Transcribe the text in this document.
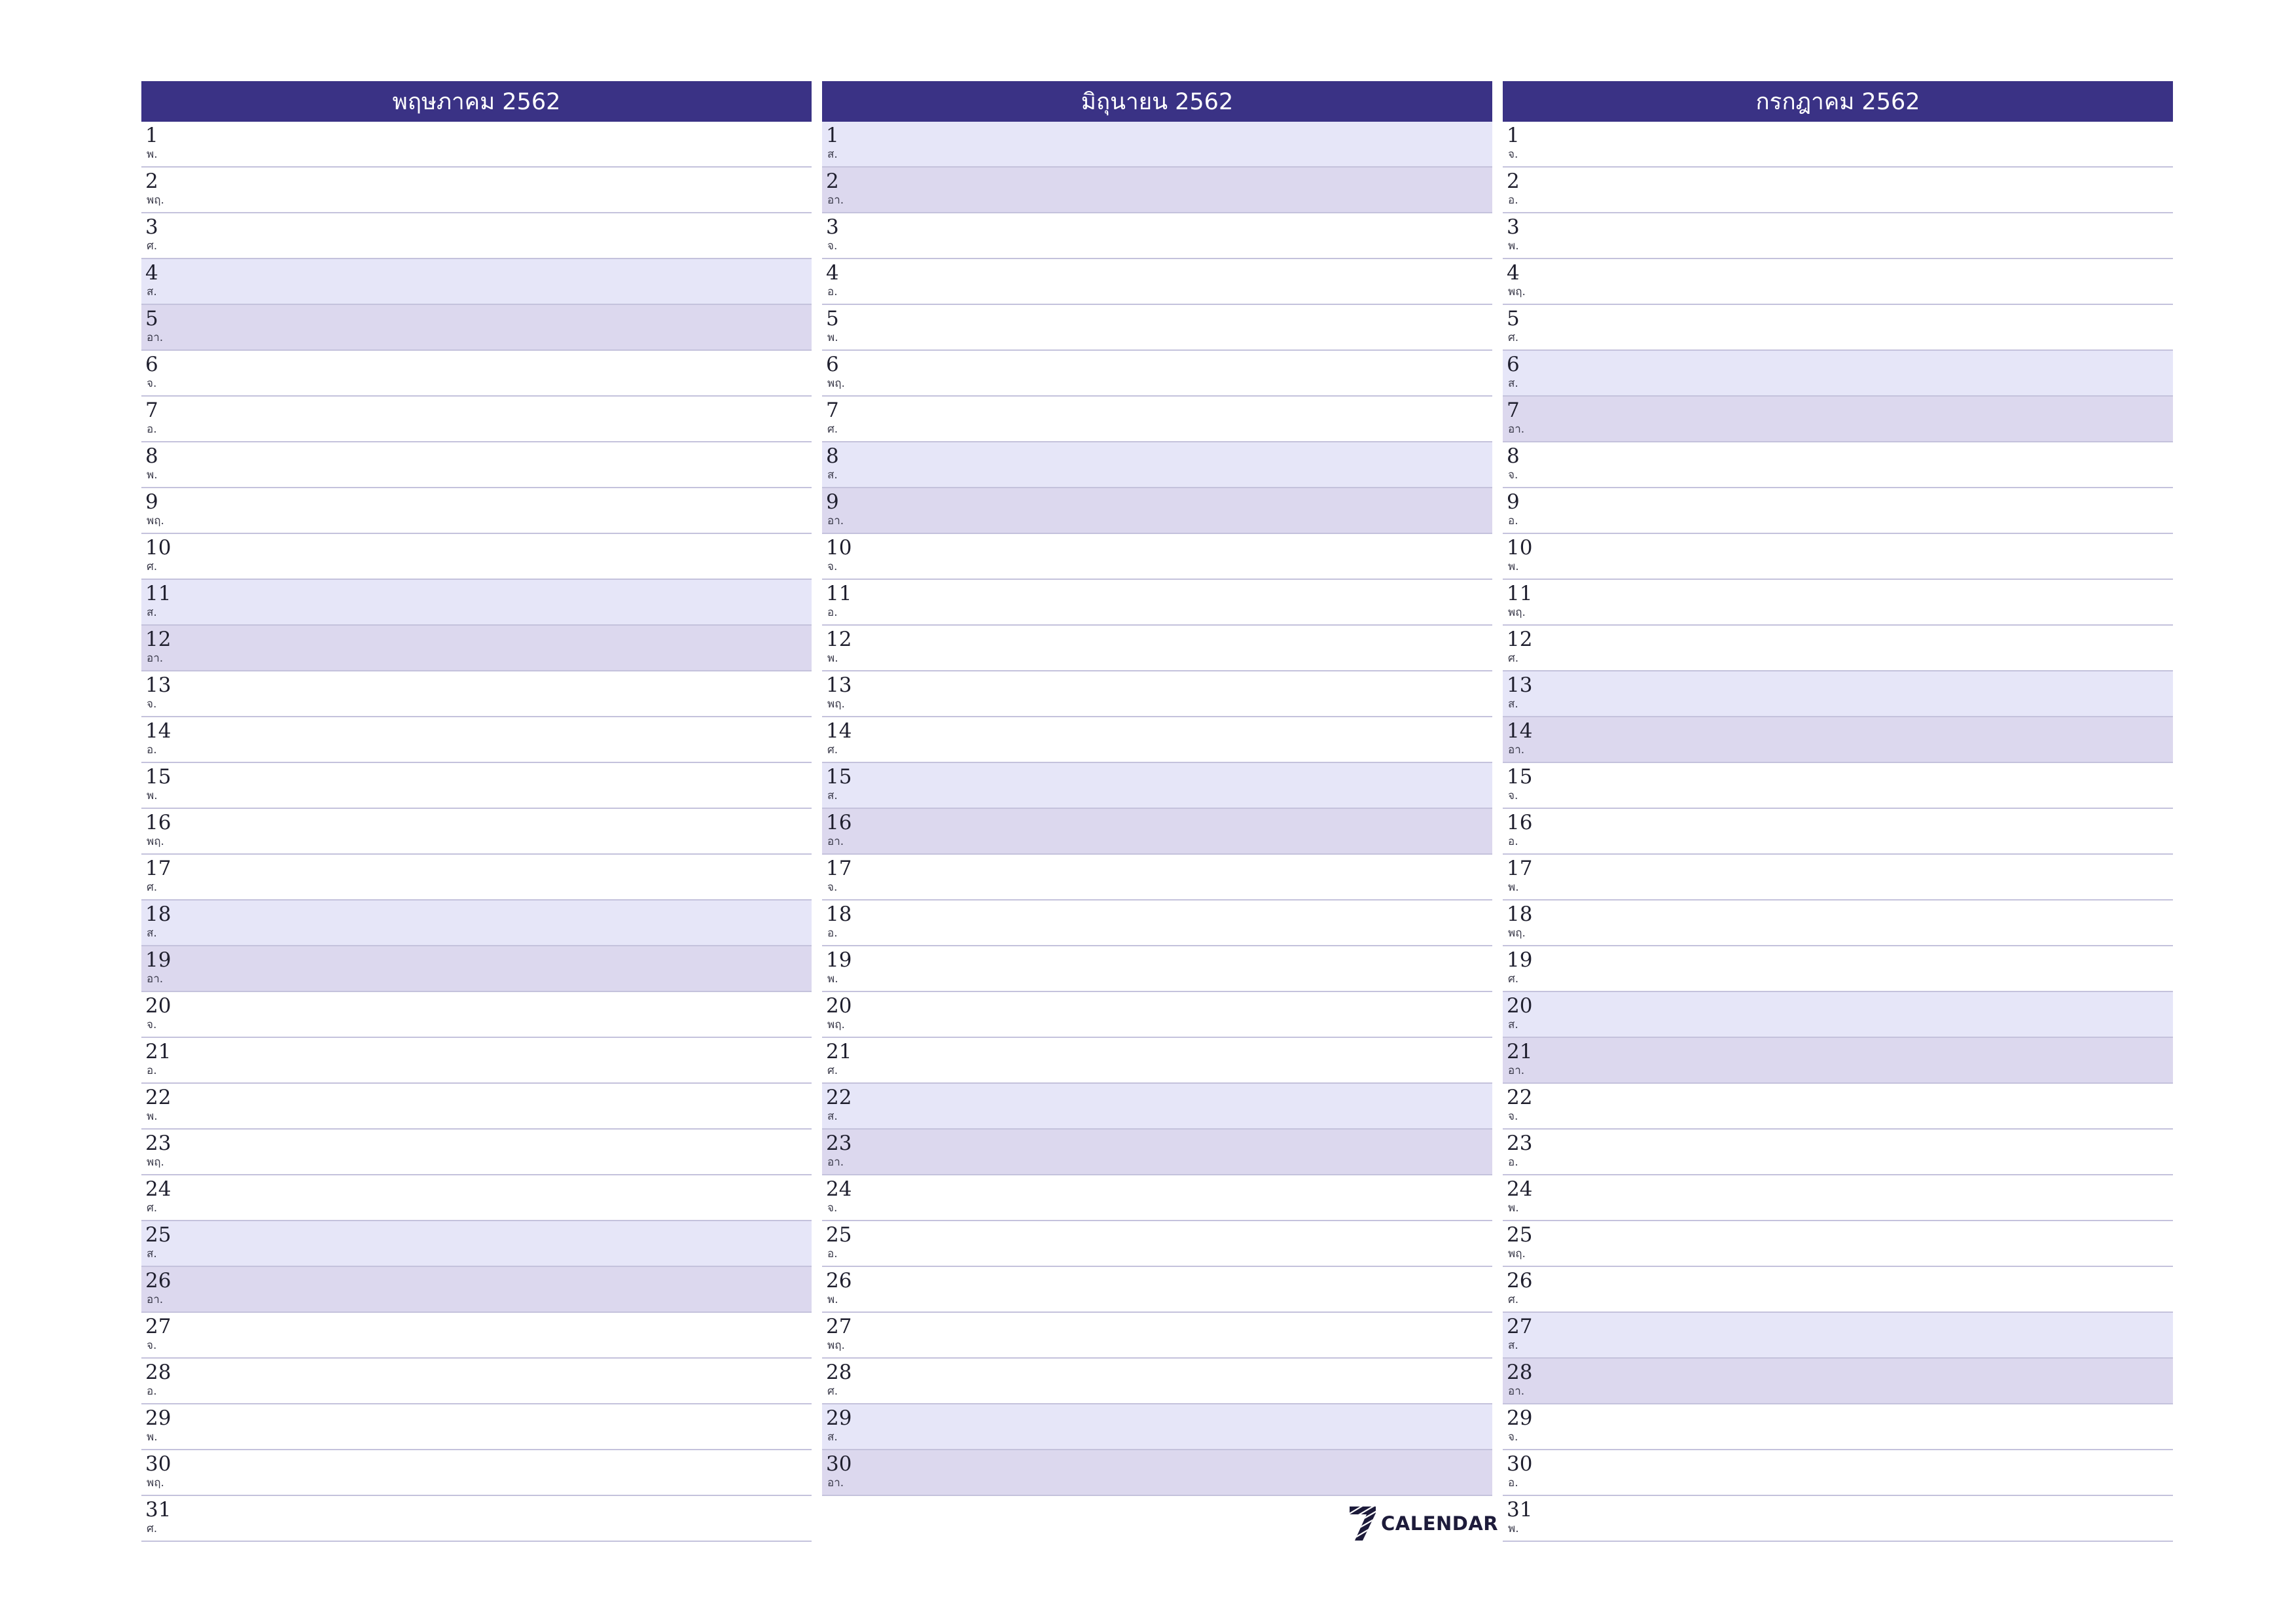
พฤษภาคม 2562
1
พ.
2
พฤ.
3
ศ.
4
ส.
5
อา.
6
จ.
7
อ.
8
พ.
9
พฤ.
10
ศ.
11
ส.
12
อา.
13
จ.
14
อ.
15
พ.
16
พฤ.
17
ศ.
18
ส.
19
อา.
20
จ.
21
อ.
22
พ.
23
พฤ.
24
ศ.
25
ส.
26
อา.
27
จ.
28
อ.
29
พ.
30
พฤ.
31
ศ.
มิถุนายน 2562
1
ส.
2
อา.
3
จ.
4
อ.
5
พ.
6
พฤ.
7
ศ.
8
ส.
9
อา.
10
จ.
11
อ.
12
พ.
13
พฤ.
14
ศ.
15
ส.
16
อา.
17
จ.
18
อ.
19
พ.
20
พฤ.
21
ศ.
22
ส.
23
อา.
24
จ.
25
อ.
26
พ.
27
พฤ.
28
ศ.
29
ส.
30
อา.
กรกฎาคม 2562
1
จ.
2
อ.
3
พ.
4
พฤ.
5
ศ.
6
ส.
7
อา.
8
จ.
9
อ.
10
พ.
11
พฤ.
12
ศ.
13
ส.
14
อา.
15
จ.
16
อ.
17
พ.
18
พฤ.
19
ศ.
20
ส.
21
อา.
22
จ.
23
อ.
24
พ.
25
พฤ.
26
ศ.
27
ส.
28
อา.
29
จ.
30
อ.
31
พ.
CALENDAR
